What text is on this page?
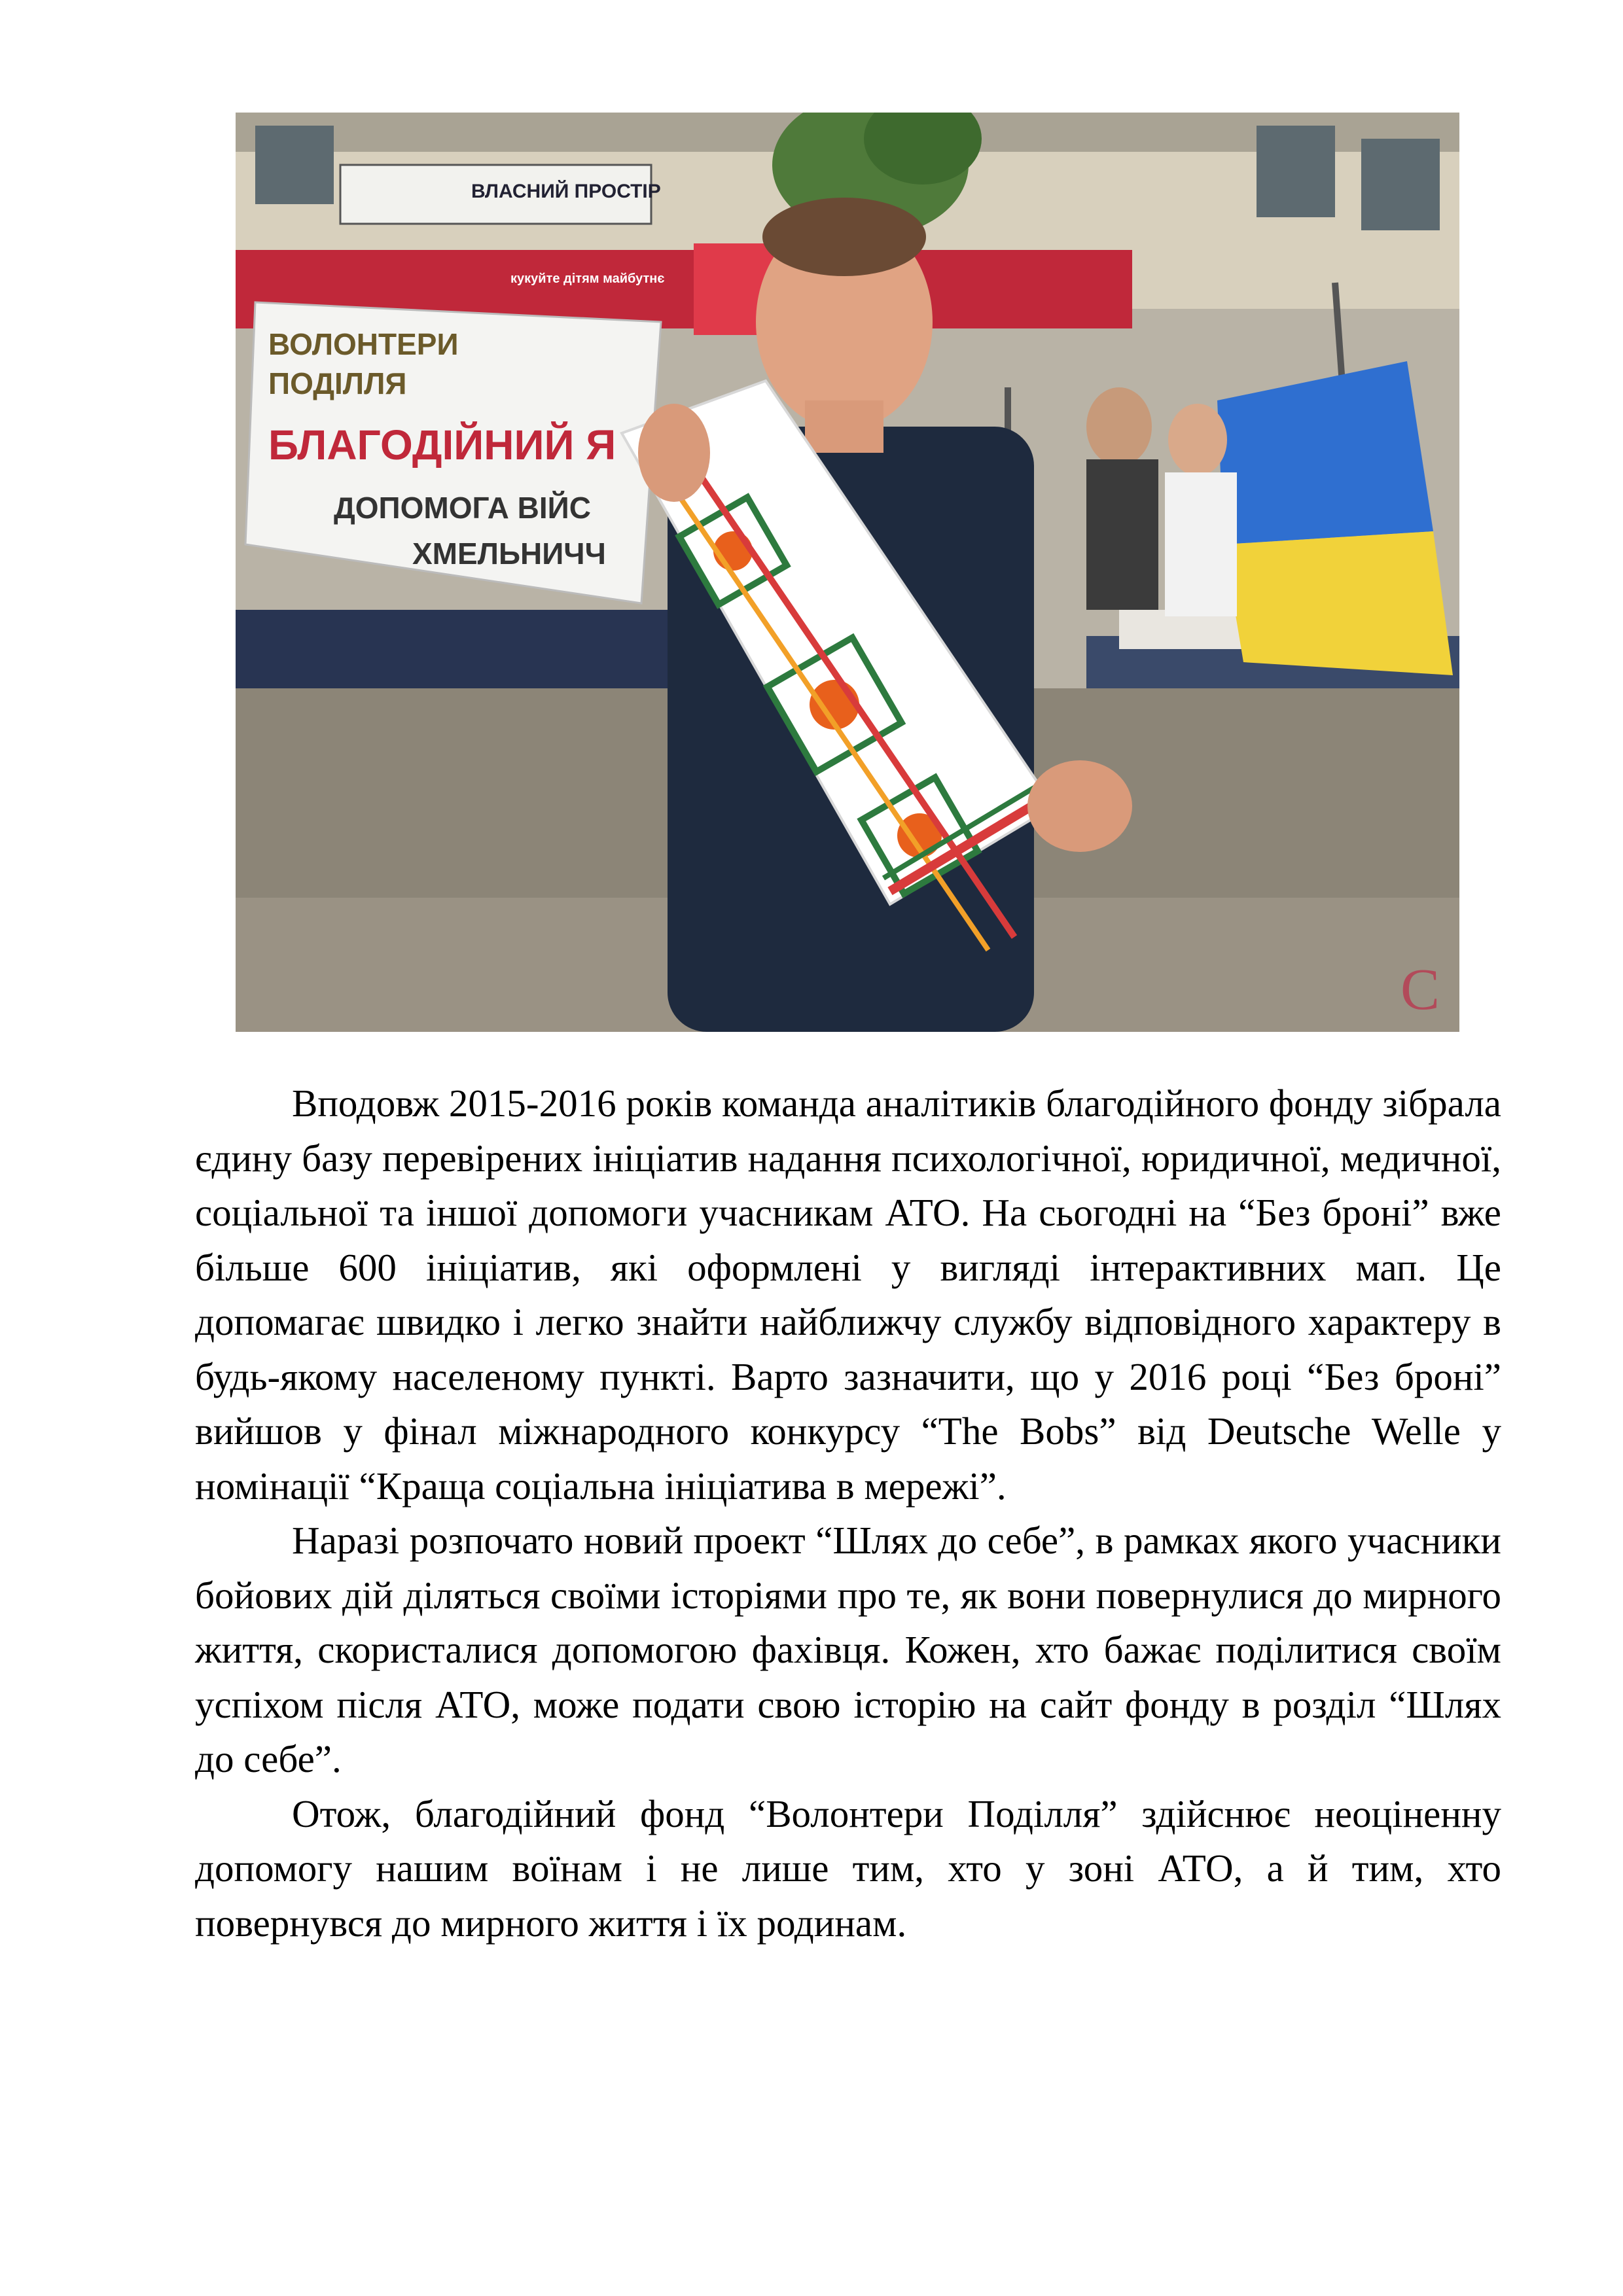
ВЛАСНИЙ ПРОСТІР
кукуйте дітям майбутнє
ВОЛОНТЕРИ
ПОДІЛЛЯ
БЛАГОДІЙНИЙ Я
ДОПОМОГА ВІЙС
ХМЕЛЬНИЧЧ
С

Вподовж 2015-2016 років команда аналітиків благодійного фонду зібрала єдину базу перевірених ініціатив надання психологічної, юридичної, медичної, соціальної та іншої допомоги учасникам АТО. На сьогодні на “Без броні” вже більше 600 ініціатив, які оформлені у вигляді інтерактивних мап. Це допомагає швидко і легко знайти найближчу службу відповідного характеру в будь-якому населеному пункті. Варто зазначити, що у 2016 році “Без броні” вийшов у фінал міжнародного конкурсу “The Bobs” від Deutsche Welle у номінації “Краща соціальна ініціатива в мережі”.

Наразі розпочато новий проект “Шлях до себе”, в рамках якого учасники бойових дій діляться своїми історіями про те, як вони повернулися до мирного життя, скористалися допомогою фахівця. Кожен, хто бажає поділитися своїм успіхом після АТО, може подати свою історію на сайт фонду в розділ “Шлях до себе”.

Отож, благодійний фонд “Волонтери Поділля” здійснює неоціненну допомогу нашим воїнам і не лише тим, хто у зоні АТО, а й тим, хто повернувся до мирного життя і їх родинам.
